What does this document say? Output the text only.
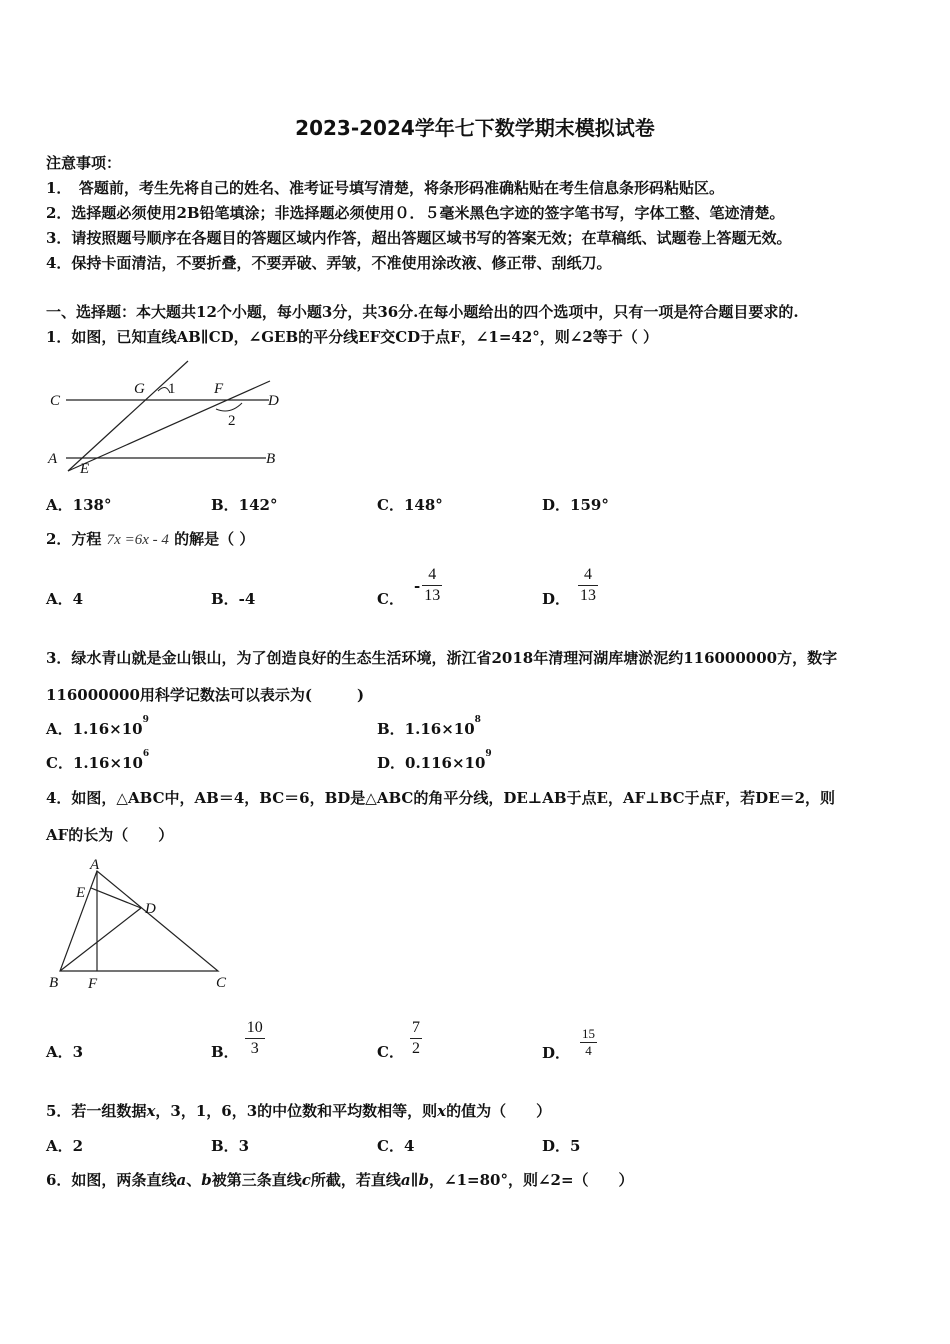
2023-2024学年七下数学期末模拟试卷
注意事项：
1．　答题前，考生先将自己的姓名、准考证号填写清楚，将条形码准确粘贴在考生信息条形码粘贴区。
2．选择题必须使用2B铅笔填涂；非选择题必须使用０．５毫米黑色字迹的签字笔书写，字体工整、笔迹清楚。
3．请按照题号顺序在各题目的答题区域内作答，超出答题区域书写的答案无效；在草稿纸、试题卷上答题无效。
4．保持卡面清洁，不要折叠，不要弄破、弄皱，不准使用涂改液、修正带、刮纸刀。
一、选择题：本大题共12个小题，每小题3分，共36分.在每小题给出的四个选项中，只有一项是符合题目要求的.
1．如图，已知直线AB∥CD，∠GEB的平分线EF交CD于点F，∠1=42°，则∠2等于（ ）
C
G 1	F
D
2
A
E
B
A．138°	B．142°	C．148°	D．159°
2．方程 7x =6x - 4 的解是（ ）
A．4	B．-4	C．
- $\frac{4}{13}$	D． $\frac{4}{13}$
3．绿水青山就是金山银山，为了创造良好的生态生活环境，浙江省2018年清理河湖库塘淤泥约116000000方，数字
116000000用科学记数法可以表示为(　　　)
A．$1.16\times 10^9$	B．$1.16\times 10^8$
C．$1.16\times 10^6$	D．$0.116\times 10^9$
4．如图，△ABC中，AB＝4，BC＝6，BD是△ABC的角平分线，DE⊥AB于点E，AF⊥BC于点F，若DE＝2，则
AF的长为（　　）
A
E
D
B F	C
A．3	B． $\frac{10}{3}$	C． $\frac{7}{2}$	D． $\frac{15}{4}$
5．若一组数据x，3，1，6，3的中位数和平均数相等，则x的值为（　　）
A．2	B．3	C．4	D．5
6．如图，两条直线a、b被第三条直线c所截，若直线a∥b，∠1=80°，则∠2=（　　）
